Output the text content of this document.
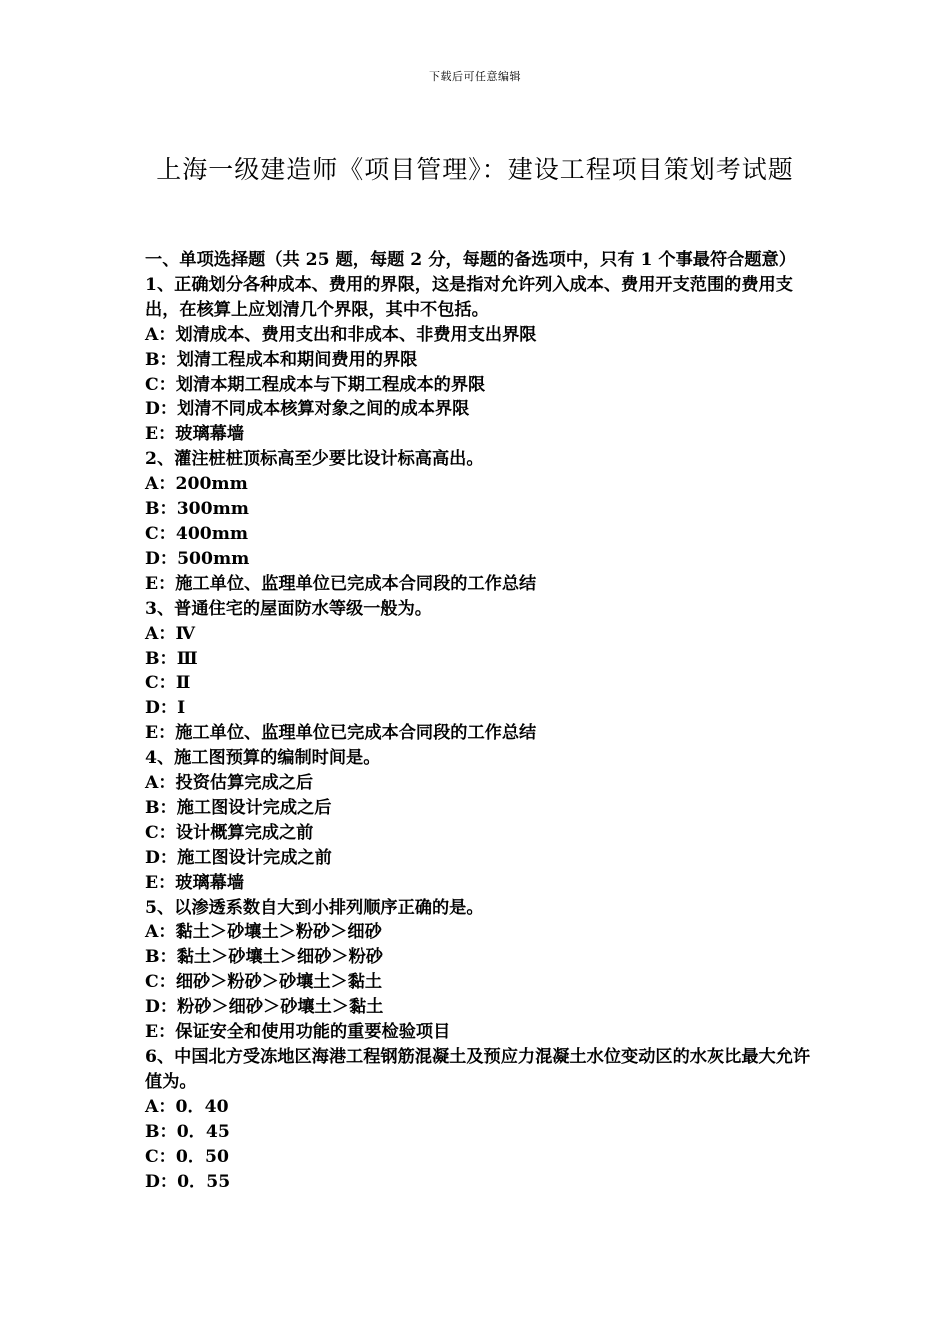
下载后可任意编辑
上海一级建造师《项目管理》：建设工程项目策划考试题
一、单项选择题（共 25 题，每题 2 分，每题的备选项中，只有 1 个事最符合题意）
1、正确划分各种成本、费用的界限，这是指对允许列入成本、费用开支范围的费用支出，在核算上应划清几个界限，其中不包括。
A：划清成本、费用支出和非成本、非费用支出界限
B：划清工程成本和期间费用的界限
C：划清本期工程成本与下期工程成本的界限
D：划清不同成本核算对象之间的成本界限
E：玻璃幕墙
2、灌注桩桩顶标高至少要比设计标高高出。
A：200mm
B：300mm
C：400mm
D：500mm
E：施工单位、监理单位已完成本合同段的工作总结
3、普通住宅的屋面防水等级一般为。
A：Ⅳ
B：Ⅲ
C：Ⅱ
D：Ⅰ
E：施工单位、监理单位已完成本合同段的工作总结
4、施工图预算的编制时间是。
A：投资估算完成之后
B：施工图设计完成之后
C：设计概算完成之前
D：施工图设计完成之前
E：玻璃幕墙
5、以渗透系数自大到小排列顺序正确的是。
A：黏土＞砂壤土＞粉砂＞细砂
B：黏土＞砂壤土＞细砂＞粉砂
C：细砂＞粉砂＞砂壤土＞黏土
D：粉砂＞细砂＞砂壤土＞黏土
E：保证安全和使用功能的重要检验项目
6、中国北方受冻地区海港工程钢筋混凝土及预应力混凝土水位变动区的水灰比最大允许值为。
A：0．40
B：0．45
C：0．50
D：0．55
